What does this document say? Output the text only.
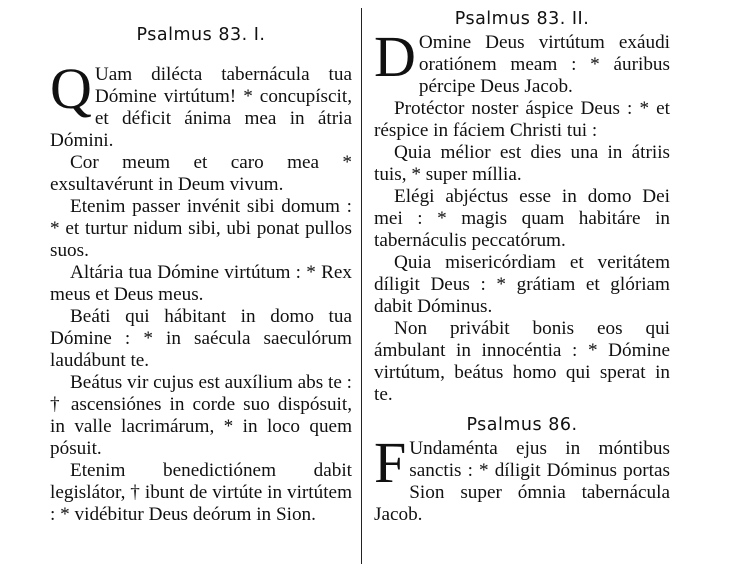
Psalmus 83. I.

Q Uam diléсta tabernácula tua Dómine virtútum! * concupíscit, et déficit ánima mea in átria Dómini.

Cor meum et caro mea * exsultavérunt in Deum vivum.

Etenim passer invénit sibi domum : * et turtur nidum sibi, ubi ponat pullos suos.

Altária tua Dómine virtútum : * Rex meus et Deus meus.

Beáti qui hábitant in domo tua Dómine : * in saécula saeculórum laudábunt te.

Beátus vir cujus est auxílium abs te : † ascensiónes in corde suo dispósuit, in valle lacrimárum, * in loco quem pósuit.

Etenim benedictiónem dabit legislátor, † ibunt de virtúte in virtútem : * vidébitur Deus deórum in Sion.

Psalmus 83. II.

D Omine Deus virtútum exáudi oratiónem meam : * áuribus pércipe Deus Jacob.

Protéctor noster áspice Deus : * et réspice in fáciem Christi tui :

Quia mélior est dies una in átriis tuis, * super míllia.

Elégi abjéctus esse in domo Dei mei : * magis quam habitáre in tabernáculis peccatórum.

Quia misericórdiam et veritátem díligit Deus : * grátiam et glóriam dabit Dóminus.

Non privábit bonis eos qui ámbulant in innocéntia : * Dómine virtútum, beátus homo qui sperat in te.

Psalmus 86.

F Undaménta ejus in móntibus sanctis : * díligit Dóminus portas Sion super ómnia tabernácula Jacob.
